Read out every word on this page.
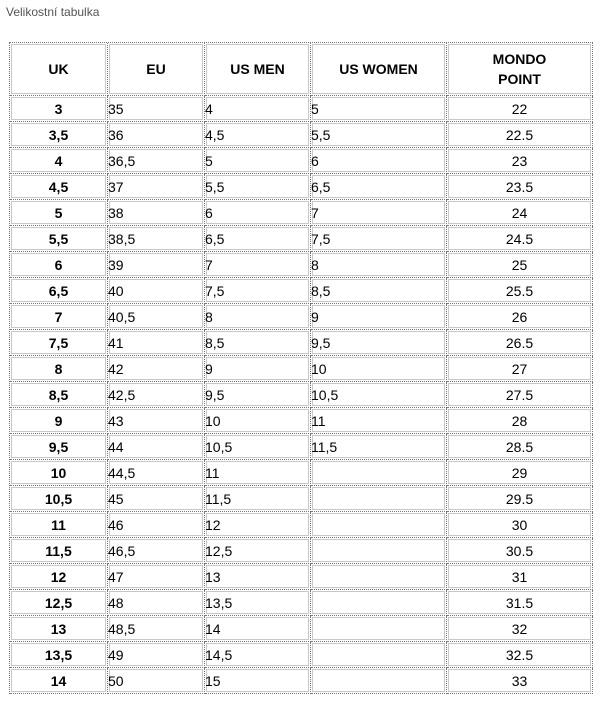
Velikostní tabulka
UK	EU	US MEN	US WOMEN	MONDO
POINT
3	35	4	5	22
3,5	36	4,5	5,5	22.5
4	36,5	5	6	23
4,5	37	5,5	6,5	23.5
5	38	6	7	24
5,5	38,5	6,5	7,5	24.5
6	39	7	8	25
6,5	40	7,5	8,5	25.5
7	40,5	8	9	26
7,5	41	8,5	9,5	26.5
8	42	9	10	27
8,5	42,5	9,5	10,5	27.5
9	43	10	11	28
9,5	44	10,5	11,5	28.5
10	44,5	11		29
10,5	45	11,5		29.5
11	46	12		30
11,5	46,5	12,5		30.5
12	47	13		31
12,5	48	13,5		31.5
13	48,5	14		32
13,5	49	14,5		32.5
14	50	15		33
